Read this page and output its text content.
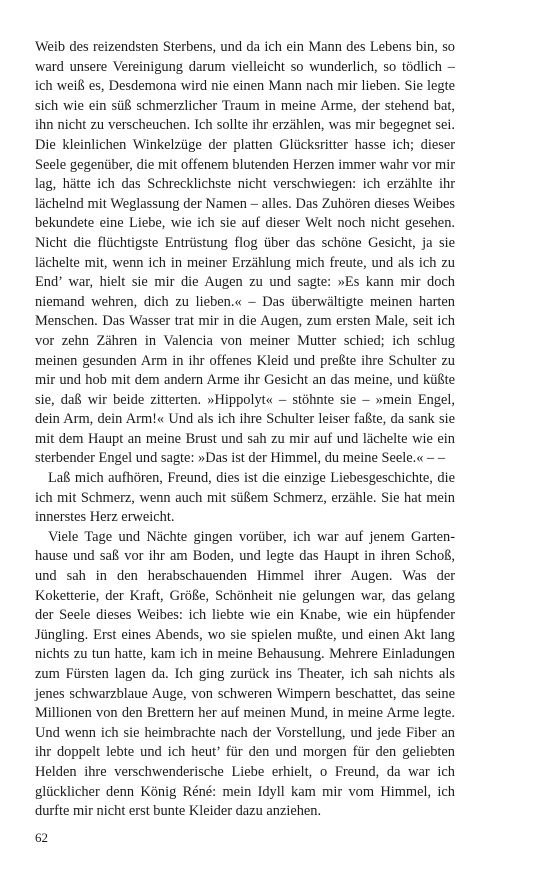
Weib des reizendsten Sterbens, und da ich ein Mann des Lebens bin, so ward unsere Vereinigung darum vielleicht so wunderlich, so tödlich – ich weiß es, Desdemona wird nie einen Mann nach mir lieben. Sie legte sich wie ein süß schmerzlicher Traum in meine Arme, der stehend bat, ihn nicht zu verscheuchen. Ich sollte ihr erzählen, was mir begegnet sei. Die kleinlichen Winkelzüge der platten Glücksritter hasse ich; dieser Seele gegenüber, die mit offenem blutenden Herzen immer wahr vor mir lag, hätte ich das Schrecklichste nicht verschwiegen: ich erzählte ihr lächelnd mit Weglassung der Namen – alles. Das Zuhören dieses Weibes bekundete eine Liebe, wie ich sie auf dieser Welt noch nicht gesehen. Nicht die flüchtigste Entrüstung flog über das schöne Gesicht, ja sie lächelte mit, wenn ich in meiner Erzählung mich freute, und als ich zu End’ war, hielt sie mir die Augen zu und sagte: »Es kann mir doch niemand wehren, dich zu lieben.« – Das überwältigte meinen harten Menschen. Das Wasser trat mir in die Augen, zum ersten Male, seit ich vor zehn Zähren in Valencia von meiner Mutter schied; ich schlug meinen gesunden Arm in ihr offenes Kleid und preßte ihre Schulter zu mir und hob mit dem andern Arme ihr Gesicht an das meine, und küßte sie, daß wir beide zitterten. »Hippolyt« – stöhnte sie – »mein Engel, dein Arm, dein Arm!« Und als ich ihre Schulter leiser faßte, da sank sie mit dem Haupt an meine Brust und sah zu mir auf und lächelte wie ein sterbender Engel und sagte: »Das ist der Himmel, du meine Seele.« – –

Laß mich aufhören, Freund, dies ist die einzige Liebesgeschichte, die ich mit Schmerz, wenn auch mit süßem Schmerz, erzähle. Sie hat mein innerstes Herz erweicht.

Viele Tage und Nächte gingen vorüber, ich war auf jenem Gartenhause und saß vor ihr am Boden, und legte das Haupt in ihren Schoß, und sah in den herabschauenden Himmel ihrer Augen. Was der Koketterie, der Kraft, Größe, Schönheit nie gelungen war, das gelang der Seele dieses Weibes: ich liebte wie ein Knabe, wie ein hüpfender Jüngling. Erst eines Abends, wo sie spielen mußte, und einen Akt lang nichts zu tun hatte, kam ich in meine Behausung. Mehrere Einladungen zum Fürsten lagen da. Ich ging zurück ins Theater, ich sah nichts als jenes schwarzblaue Auge, von schweren Wimpern beschattet, das seine Millionen von den Brettern her auf meinen Mund, in meine Arme legte. Und wenn ich sie heimbrachte nach der Vorstellung, und jede Fiber an ihr doppelt lebte und ich heut’ für den und morgen für den geliebten Helden ihre verschwenderische Liebe erhielt, o Freund, da war ich glücklicher denn König Réné: mein Idyll kam mir vom Himmel, ich durfte mir nicht erst bunte Kleider dazu anziehen.

62
